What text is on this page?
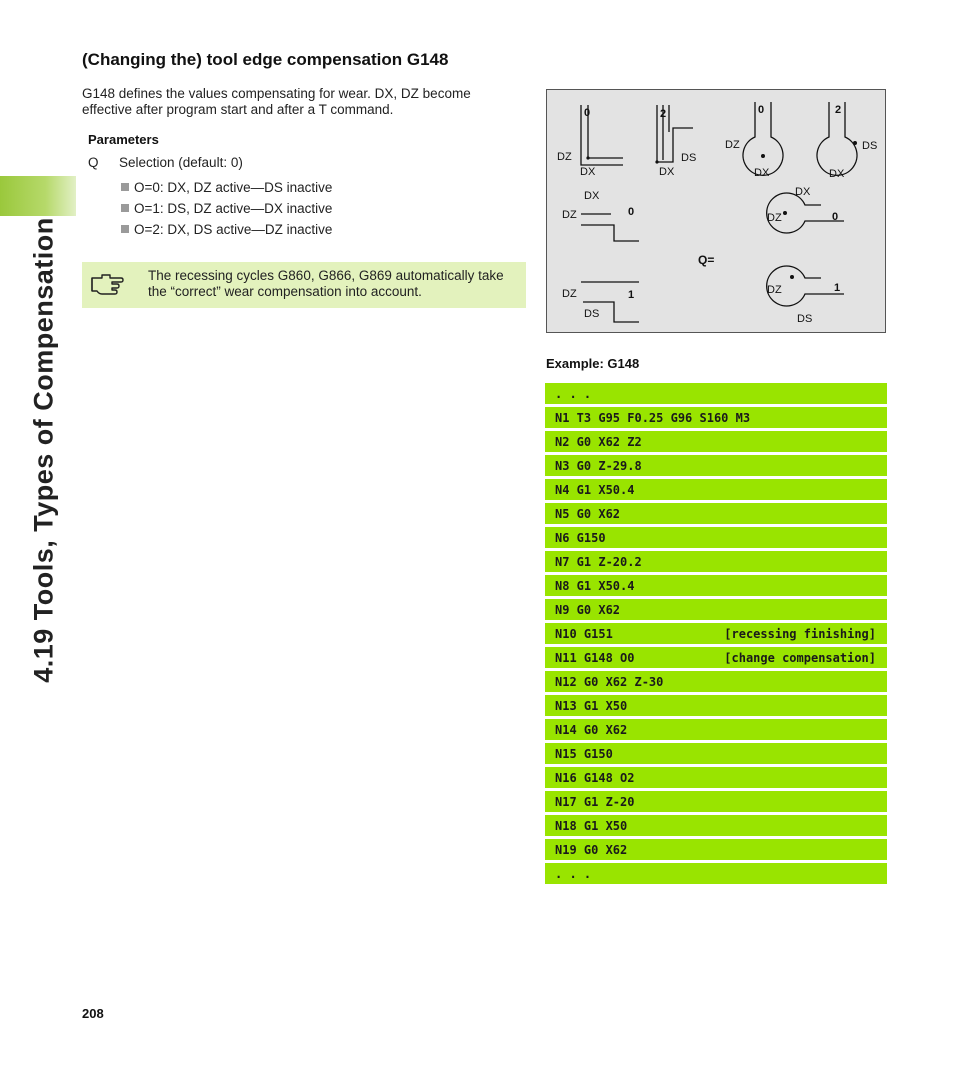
4.19 Tools, Types of Compensation
(Changing the) tool edge compensation G148
G148 defines the values compensating for wear. DX, DZ become effective after program start and after a T command.
Parameters
Q Selection (default: 0)
O=0: DX, DZ active—DS inactive
O=1: DS, DZ active—DX inactive
O=2: DX, DS active—DZ inactive
The recessing cycles G860, G866, G869 automatically take the “correct” wear compensation into account.
DZ
DX
DS
DX
DZ
DX
DS
DX
DX
DZ
DX
DZ
DZ
DS
DZ
DS
0	2	0	2
0	0
1
1
Q=
Example: G148
. . .
N1 T3 G95 F0.25 G96 S160 M3
N2 G0 X62 Z2
N3 G0 Z-29.8
N4 G1 X50.4
N5 G0 X62
N6 G150
N7 G1 Z-20.2
N8 G1 X50.4
N9 G0 X62
N10 G151	[recessing finishing]
N11 G148 O0	[change compensation]
N12 G0 X62 Z-30
N13 G1 X50
N14 G0 X62
N15 G150
N16 G148 O2
N17 G1 Z-20
N18 G1 X50
N19 G0 X62
. . .
208
